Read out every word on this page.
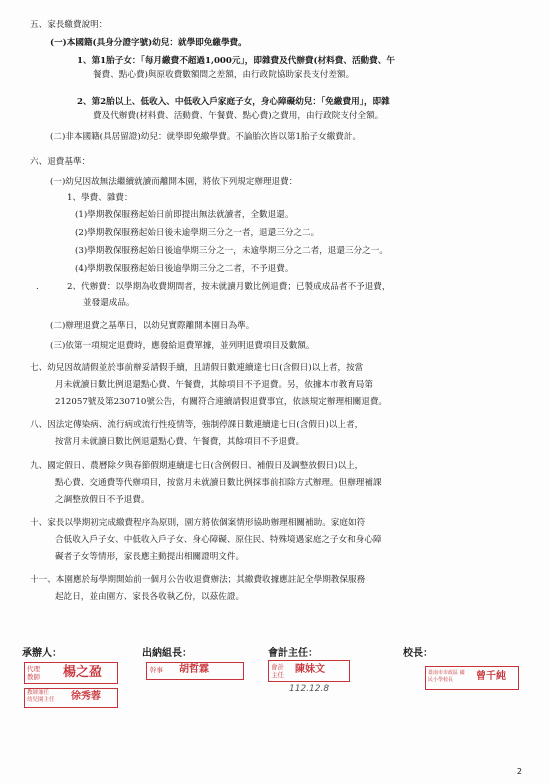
五、家長繳費說明：
(一)本國籍(具身分證字號)幼兒：就學即免繳學費。
1、第1胎子女：「每月繳費不超過1,000元」，即雜費及代辦費(材料費、活動費、午
餐費、點心費)與原收費數額間之差額，由行政院協助家長支付差額。
2、第2胎以上、低收入、中低收入戶家庭子女，身心障礙幼兒：「免繳費用」，即雜
費及代辦費(材料費、活動費、午餐費、點心費)之費用，由行政院支付全額。
(二)非本國籍(具居留證)幼兒：就學即免繳學費。不論胎次皆以第1胎子女繳費計。
六、退費基準：
(一)幼兒因故無法繼續就讀而離開本園，將依下列規定辦理退費：
1、學費、雜費：
(1)學期教保服務起始日前即提出無法就讀者，全數退還。
(2)學期教保服務起始日後未逾學期三分之一者，退還三分之二。
(3)學期教保服務起始日後逾學期三分之一，未逾學期三分之二者，退還三分之一。
(4)學期教保服務起始日後逾學期三分之二者，不予退費。
.	2、代辦費：以學期為收費期間者，按未就讀月數比例退費；已製成成品者不予退費，
並發還成品。
(二)辦理退費之基準日，以幼兒實際離開本園日為準。
(三)依第一項規定退費時，應發給退費單據，並列明退費項目及數額。
七、幼兒因故請假並於事前辦妥請假手續，且請假日數連續達七日(含假日)以上者，按當
月未就讀日數比例退還點心費、午餐費，其餘項目不予退費。另，依據本市教育局第
212057號及第230710號公告，有關符合連續請假退費事宜，依該規定辦理相關退費。
八、因法定傳染病、流行病或流行性疫情等，強制停課日數連續達七日(含假日)以上者，
按當月未就讀日數比例退還點心費、午餐費，其餘項目不予退費。
九、國定假日、農曆除夕與春節假期連續達七日(含例假日、補假日及調整放假日)以上，
點心費、交通費等代辦項目，按當月未就讀日數比例採事前扣除方式辦理。但辦理補課
之調整放假日不予退費。
十、家長以學期初完成繳費程序為原則，園方將依個案情形協助辦理相關補助。家庭如符
合低收入戶子女、中低收入戶子女、身心障礙、原住民、特殊境遇家庭之子女和身心障
礙者子女等情形，家長應主動提出相關證明文件。
十一、本園應於每學期開始前一個月公告收退費辦法；其繳費收據應註記全學期教保服務
起訖日，並由園方、家長各收執乙份，以茲佐證。
承辦人：	出納組長：	會計主任：	校長：
代理 教師	楊之盈
教師兼任 幼兒園主任 徐秀蓉
幹事 胡哲霖	會計 主任	陳妹文
112.12.8
臺南市市政區 國民小學校長	曾千純
2
